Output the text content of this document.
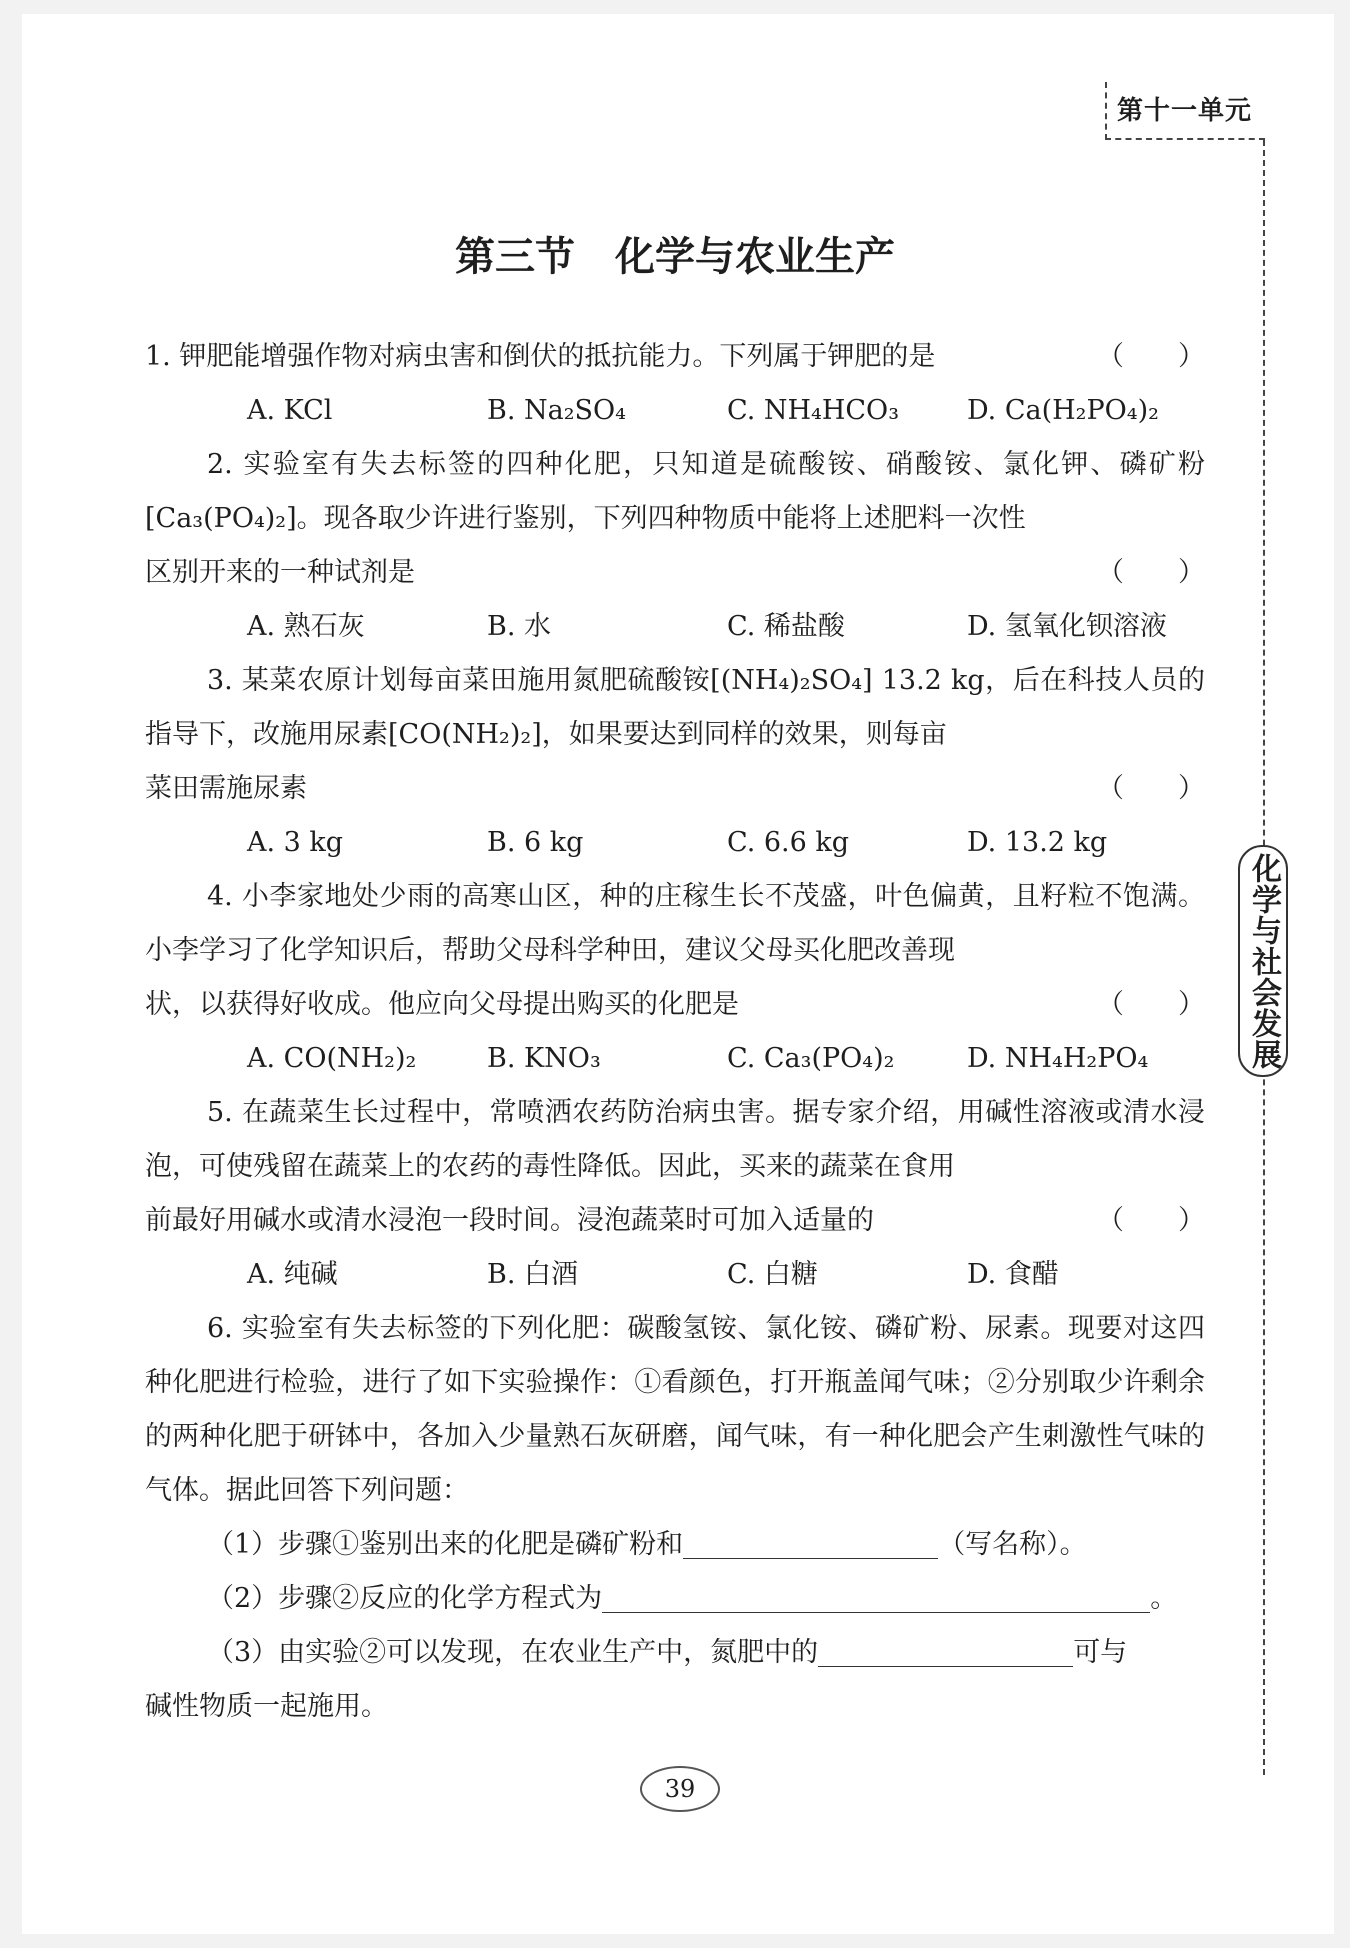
第十一单元
化学与社会发展
第三节　化学与农业生产
1. 钾肥能增强作物对病虫害和倒伏的抵抗能力。下列属于钾肥的是	（　　）
A. KCl	B. Na₂SO₄	C. NH₄HCO₃	D. Ca(H₂PO₄)₂
2. 实验室有失去标签的四种化肥，只知道是硫酸铵、硝酸铵、氯化钾、磷矿粉[Ca₃(PO₄)₂]。现各取少许进行鉴别，下列四种物质中能将上述肥料一次性
区别开来的一种试剂是	（　　）
A. 熟石灰	B. 水	C. 稀盐酸	D. 氢氧化钡溶液
3. 某菜农原计划每亩菜田施用氮肥硫酸铵[(NH₄)₂SO₄] 13.2 kg，后在科技人员的指导下，改施用尿素[CO(NH₂)₂]，如果要达到同样的效果，则每亩
菜田需施尿素	（　　）
A. 3 kg	B. 6 kg	C. 6.6 kg	D. 13.2 kg
4. 小李家地处少雨的高寒山区，种的庄稼生长不茂盛，叶色偏黄，且籽粒不饱满。小李学习了化学知识后，帮助父母科学种田，建议父母买化肥改善现
状，以获得好收成。他应向父母提出购买的化肥是	（　　）
A. CO(NH₂)₂	B. KNO₃	C. Ca₃(PO₄)₂	D. NH₄H₂PO₄
5. 在蔬菜生长过程中，常喷洒农药防治病虫害。据专家介绍，用碱性溶液或清水浸泡，可使残留在蔬菜上的农药的毒性降低。因此，买来的蔬菜在食用
前最好用碱水或清水浸泡一段时间。浸泡蔬菜时可加入适量的	（　　）
A. 纯碱	B. 白酒	C. 白糖	D. 食醋
6. 实验室有失去标签的下列化肥：碳酸氢铵、氯化铵、磷矿粉、尿素。现要对这四种化肥进行检验，进行了如下实验操作：①看颜色，打开瓶盖闻气味；②分别取少许剩余的两种化肥于研钵中，各加入少量熟石灰研磨，闻气味，有一种化肥会产生刺激性气味的气体。据此回答下列问题：
（1）步骤①鉴别出来的化肥是磷矿粉和	（写名称）。
（2）步骤②反应的化学方程式为	。
（3）由实验②可以发现，在农业生产中，氮肥中的	可与
碱性物质一起施用。
39
